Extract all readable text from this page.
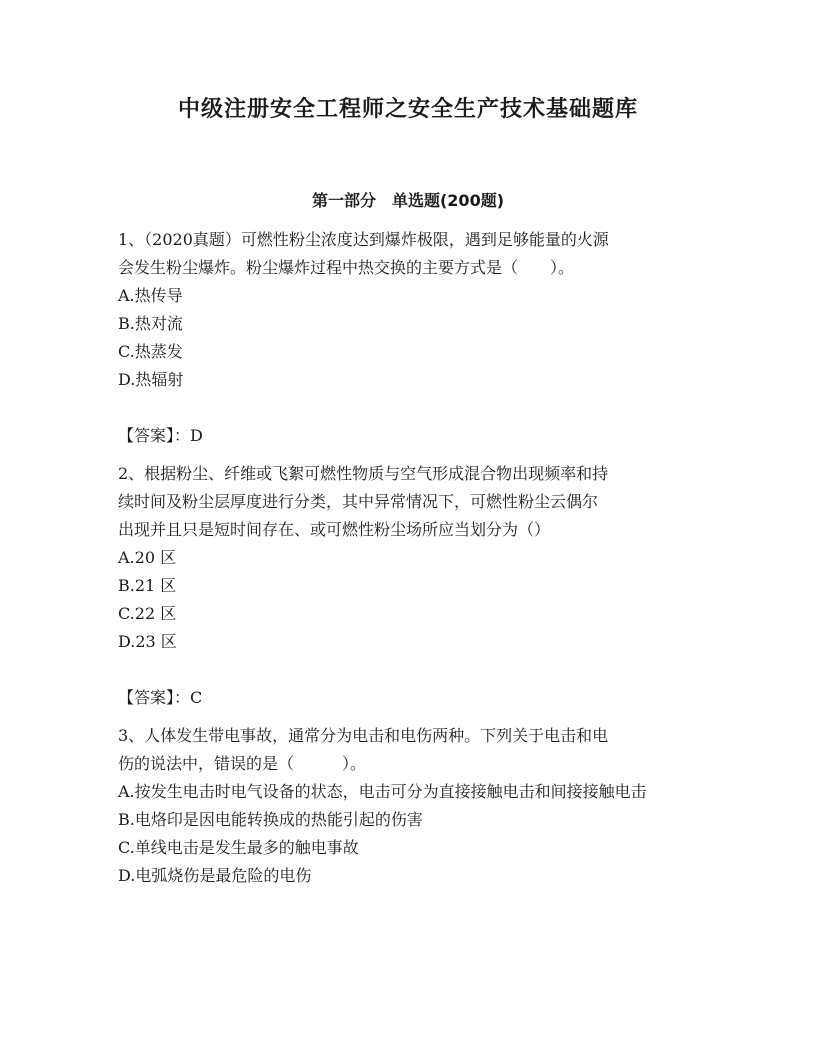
中级注册安全工程师之安全生产技术基础题库
第一部分　单选题(200题)
1、（2020真题）可燃性粉尘浓度达到爆炸极限，遇到足够能量的火源
会发生粉尘爆炸。粉尘爆炸过程中热交换的主要方式是（　　）。
A.热传导
B.热对流
C.热蒸发
D.热辐射
【答案】：D
2、根据粉尘、纤维或飞絮可燃性物质与空气形成混合物出现频率和持
续时间及粉尘层厚度进行分类，其中异常情况下，可燃性粉尘云偶尔
出现并且只是短时间存在、或可燃性粉尘场所应当划分为（）
A.20 区
B.21 区
C.22 区
D.23 区
【答案】：C
3、人体发生带电事故，通常分为电击和电伤两种。下列关于电击和电
伤的说法中，错误的是（　　　）。
A.按发生电击时电气设备的状态，电击可分为直接接触电击和间接接触电击
B.电烙印是因电能转换成的热能引起的伤害
C.单线电击是发生最多的触电事故
D.电弧烧伤是最危险的电伤
